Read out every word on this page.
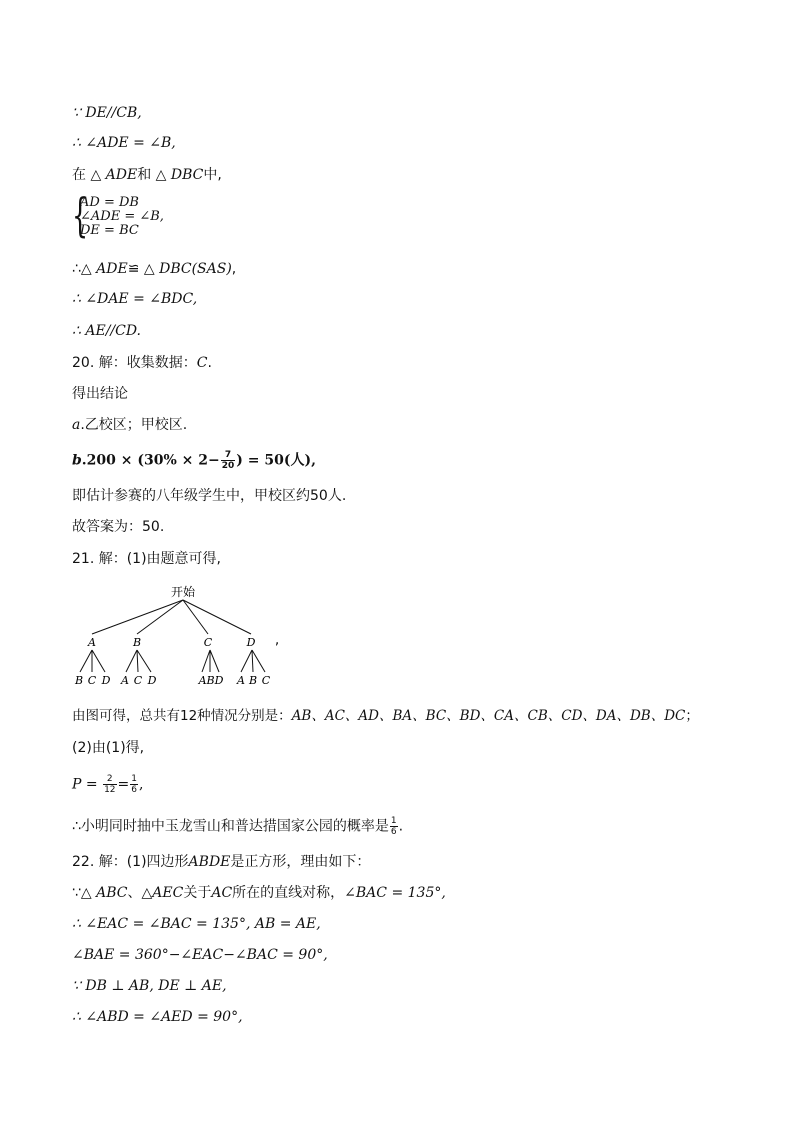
∵ DE//CB,
∴ ∠ADE = ∠B,
在 △ ADE和 △ DBC中,
{
AD = DB
∠ADE = ∠B,
DE = BC
∴△ ADE≌ △ DBC(SAS),
∴ ∠DAE = ∠BDC,
∴ AE//CD.
20. 解：收集数据：C.
得出结论
a.乙校区；甲校区.
$b.200 \times (30\% \times 2- \frac{7}{20}$ ) = 50(人),
即估计参赛的八年级学生中，甲校区约50人.
故答案为：50.
21. 解：(1)由题意可得,
开始
A	B	C	D
B C D A C D	ABD A B C
,
由图可得，总共有12种情况分别是：AB、AC、AD、BA、BC、BD、CA、CB、CD、DA、DB、DC；
(2)由(1)得,
$P = \frac{2}{12} = \frac{1}{6}$ ,
∴小明同时抽中玉龙雪山和普达措国家公园的概率是 $\frac{1}{6}$ .
22. 解：(1)四边形ABDE是正方形，理由如下：
∵△ ABC、△AEC关于AC所在的直线对称，∠BAC = 135°,
∴ ∠EAC = ∠BAC = 135°, AB = AE,
∠BAE = 360°−∠EAC−∠BAC = 90°,
∵ DB ⊥ AB, DE ⊥ AE,
∴ ∠ABD = ∠AED = 90°,
